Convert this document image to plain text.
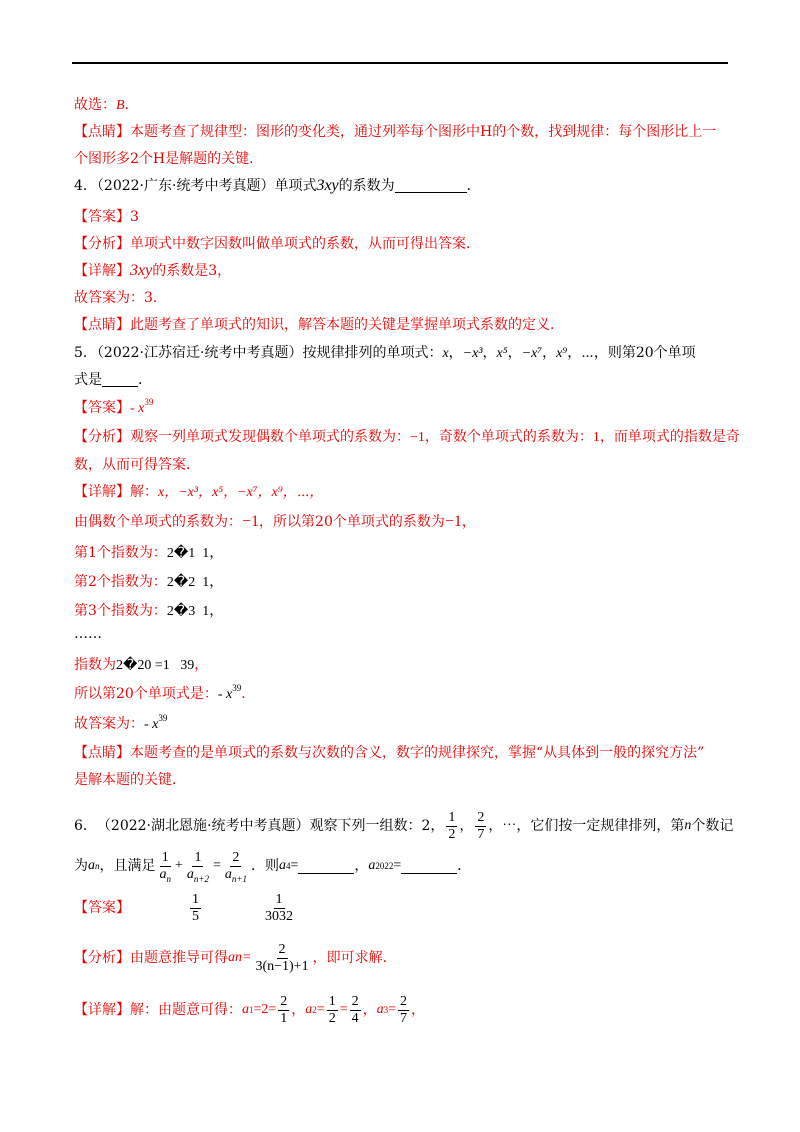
故选：B．
【点睛】本题考查了规律型：图形的变化类，通过列举每个图形中H的个数，找到规律：每个图形比上一
个图形多2个H是解题的关键．
4．（2022·广东·统考中考真题）单项式3xy的系数为	．
【答案】3
【分析】单项式中数字因数叫做单项式的系数，从而可得出答案．
【详解】3xy的系数是3，
故答案为：3．
【点睛】此题考查了单项式的知识，解答本题的关键是掌握单项式系数的定义．
5．（2022·江苏宿迁·统考中考真题）按规律排列的单项式：x，−x³，x⁵，−x⁷，x⁹，⋯，则第20个单项
式是	．
【答案】- $x^{39}$
【分析】观察一列单项式发现偶数个单项式的系数为：−1，奇数个单项式的系数为：1，而单项式的指数是奇
数，从而可得答案．
【详解】解：x，−x³，x⁵，−x⁷，x⁹，⋯，
由偶数个单项式的系数为：−1，所以第20个单项式的系数为−1，
第1个指数为：2�1  1，
第2个指数为：2�2  1，
第3个指数为：2�3  1，
……
指数为2�20 =1   39，
所以第20个单项式是：- $x^{39}$．
故答案为：- $x^{39}$
【点睛】本题考查的是单项式的系数与次数的含义，数字的规律探究，掌握“从具体到一般的探究方法”
是解本题的关键．
6． （2022·湖北恩施·统考中考真题） 观察下列一组数：2， $\frac{1}{2}$ ， $\frac{2}{7}$ ，⋯，它们按一定规律排列，第 n 个数记
为 a n ，且满足 $\frac{1}{a_n} + \frac{1}{a_{n+2}} = \frac{2}{a_{n+1}}$ ．则 a 4 =	， a 2022 =	．
【答案】	$\frac{1}{5}$	$\frac{1}{3032}$
【分析】 由题意推导可得 $an= \frac{2}{3(n-1)+1}$ ，即可求解．
【详解】 解：由题意可得： a $1 =2= \frac{2}{1}$ ， a $2 = \frac{1}{2} = \frac{2}{4}$ ， a $3 = \frac{2}{7}$ ，
